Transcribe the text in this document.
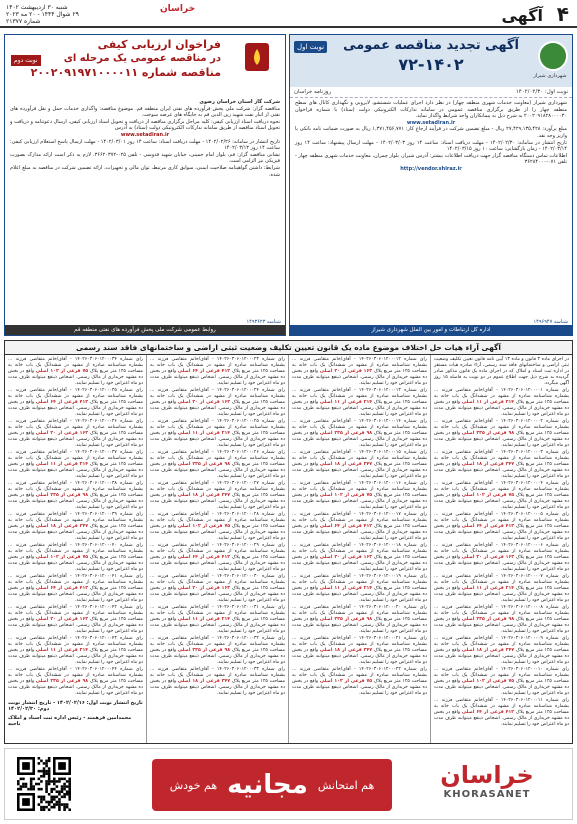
۴
آگهی
خراسان
شنبه ۳۰ اردیبهشت ۱۴۰۲
۲۹ شوال ۱۴۴۴ - ۲۰ مه ۲۰۲۳
شماره ۲۱۳۷۷
شهرداری شیراز
آگهی تجدید مناقصه عمومی
۷۲-۱۴۰۲
نوبت اول
نوبت اول: ۱۴۰۲/۰۲/۳۰
روزنامه خراسان

شهرداری شیراز (معاونت خدمات شهری منطقه چهار) در نظر دارد اجرای عملیات شستشو، لایروبی و نگهداری کانال های سطح منطقه چهار را از طریق برگزاری مناقصه عمومی در سامانه تدارکات الکترونیکی دولت (ستاد) با شماره فراخوان ۲۰۰۲۰۹۱۸۲۸۰۰۰۰۳۰ به شرح ذیل به پیمانکاران واجد شرایط واگذار نماید.

www.setadiran.ir

مبلغ برآورد: ۲۷,۴۲۹,۱۳۵,۴۲۸ ریال - مبلغ تضمین شرکت در فرآیند ارجاع کار: ۱,۳۷۱,۴۵۶,۷۷۱ ریال به صورت ضمانت نامه بانکی یا واریز وجه نقد.

تاریخ انتشار در سامانه: ۱۴۰۲/۰۲/۳۰ - مهلت دریافت اسناد: ساعت ۱۴ روز ۱۴۰۲/۰۳/۰۳ - مهلت ارسال پیشنهاد: ساعت ۱۴ روز ۱۴۰۲/۰۳/۱۴ - زمان بازگشایی: ساعت ۱۰ روز ۱۴۰۲/۰۳/۱۵

اطلاعات تماس دستگاه مناقصه گزار جهت دریافت اطلاعات بیشتر: آدرس شیراز، بلوار چمران، معاونت خدمات شهری منطقه چهار - تلفن ۰۷۱-۳۶۲۸۴۰۰۰

http://vendor.shiraz.ir

شناسه ۱۴۹۶۹۴۷
اداره کل ارتباطات و امور بین الملل شهرداری شیراز
فراخوان ارزیابی کیفی
در مناقصه عمومی یک مرحله ای
مناقصه شماره ۲۰۰۲۰۹۱۹۷۱۰۰۰۰۱۱
نوبت دوم

شرکت گاز استان خراسان رضوی

مناقصه گزار: شرکت ملی پخش فرآورده های نفتی ایران منطقه قم. موضوع مناقصه: واگذاری خدمات حمل و نقل فرآورده های نفتی از انبار نفت شهید زین الدین قم به جایگاه های عرضه سوخت.

نحوه دریافت اسناد ارزیابی کیفی: کلیه مراحل برگزاری مناقصه از دریافت و تحویل اسناد ارزیابی کیفی، ارسال دعوتنامه و دریافت و تحویل اسناد مناقصه از طریق سامانه تدارکات الکترونیکی دولت (ستاد) به آدرس

www.setadiran.ir

تاریخ انتشار در سامانه: ۱۴۰۲/۰۲/۲۶ - مهلت دریافت اسناد: ساعت ۱۴ روز ۱۴۰۲/۰۳/۰۱ - مهلت ارسال پاسخ استعلام ارزیابی کیفی: ساعت ۱۴ روز ۱۴۰۲/۰۳/۱۳

نشانی مناقصه گزار: قم، بلوار امام خمینی، خیابان شهید قدوسی - تلفن ۰۲۵-۳۶۶۲۰۳۷۲. لازم به ذکر است ارائه مدارک بصورت فیزیکی نیز الزامی است.

شرایط: داشتن گواهینامه صلاحیت ایمنی، سوابق کاری مرتبط، توان مالی و تجهیزات، ارائه تضمین شرکت در مناقصه به مبلغ اعلام شده.

شناسه ۱۴۹۳۶۲۳
روابط عمومی شرکت ملی پخش فرآورده های نفتی منطقه قم
آگهی آراء هیات حل اختلاف موضوع ماده یک قانون تعیین تکلیف وضعیت ثبتی اراضی و ساختمانهای فاقد سند رسمی

در اجرای ماده ۳ قانون و ماده ۱۳ آیین نامه قانون تعیین تکلیف وضعیت ثبتی اراضی و ساختمانهای فاقد سند رسمی، آراء صادره هیات مستقر در اداره ثبت اسناد و املاک که در اجرای ماده یک قانون مذکور صادر گردیده به شرح ذیل جهت اطلاع عموم در دو نوبت به فاصله ۱۵ روز آگهی میگردد.

رای شماره ۱۴۰۲۶۰۳۰۶۰۱۲۰۰۰۰۱ - آقای/خانم متقاضی فرزند ... بشماره شناسنامه صادره از مشهد در ششدانگ یک باب خانه به مساحت ۱۲۵ متر مربع پلاک ۲۱۴ فرعی از ۱۱ اصلی واقع در بخش ده مشهد خریداری از مالک رسمی. اشخاص ذینفع میتوانند ظرف مدت دو ماه اعتراض خود را تسلیم نمایند.

رای شماره ۱۴۰۲۶۰۳۰۶۰۱۲۰۰۰۰۲ - آقای/خانم متقاضی فرزند ... بشماره شناسنامه صادره از مشهد در ششدانگ یک باب خانه به مساحت ۱۲۵ متر مربع پلاک ۹۸ فرعی از ۲۳۵ اصلی واقع در بخش ده مشهد خریداری از مالک رسمی. اشخاص ذینفع میتوانند ظرف مدت دو ماه اعتراض خود را تسلیم نمایند.

رای شماره ۱۴۰۲۶۰۳۰۶۰۱۲۰۰۰۰۳ - آقای/خانم متقاضی فرزند ... بشماره شناسنامه صادره از مشهد در ششدانگ یک باب خانه به مساحت ۱۲۵ متر مربع پلاک ۳۴۷ فرعی از ۱۸ اصلی واقع در بخش ده مشهد خریداری از مالک رسمی. اشخاص ذینفع میتوانند ظرف مدت دو ماه اعتراض خود را تسلیم نمایند.

رای شماره ۱۴۰۲۶۰۳۰۶۰۱۲۰۰۰۰۴ - آقای/خانم متقاضی فرزند ... بشماره شناسنامه صادره از مشهد در ششدانگ یک باب خانه به مساحت ۱۲۵ متر مربع پلاک ۷۵ فرعی از ۱۰۲ اصلی واقع در بخش ده مشهد خریداری از مالک رسمی. اشخاص ذینفع میتوانند ظرف مدت دو ماه اعتراض خود را تسلیم نمایند.

رای شماره ۱۴۰۲۶۰۳۰۶۰۱۲۰۰۰۰۵ - آقای/خانم متقاضی فرزند ... بشماره شناسنامه صادره از مشهد در ششدانگ یک باب خانه به مساحت ۱۲۵ متر مربع پلاک ۴۱۲ فرعی از ۶۴ اصلی واقع در بخش ده مشهد خریداری از مالک رسمی. اشخاص ذینفع میتوانند ظرف مدت دو ماه اعتراض خود را تسلیم نمایند.

رای شماره ۱۴۰۲۶۰۳۰۶۰۱۲۰۰۰۰۶ - آقای/خانم متقاضی فرزند ... بشماره شناسنامه صادره از مشهد در ششدانگ یک باب خانه به مساحت ۱۲۵ متر مربع پلاک ۱۶۳ فرعی از ۲۰ اصلی واقع در بخش ده مشهد خریداری از مالک رسمی. اشخاص ذینفع میتوانند ظرف مدت دو ماه اعتراض خود را تسلیم نمایند.

رای شماره ۱۴۰۲۶۰۳۰۶۰۱۲۰۰۰۰۷ - آقای/خانم متقاضی فرزند ... بشماره شناسنامه صادره از مشهد در ششدانگ یک باب خانه به مساحت ۱۲۵ متر مربع پلاک ۲۱۴ فرعی از ۱۱ اصلی واقع در بخش ده مشهد خریداری از مالک رسمی. اشخاص ذینفع میتوانند ظرف مدت دو ماه اعتراض خود را تسلیم نمایند.

رای شماره ۱۴۰۲۶۰۳۰۶۰۱۲۰۰۰۰۸ - آقای/خانم متقاضی فرزند ... بشماره شناسنامه صادره از مشهد در ششدانگ یک باب خانه به مساحت ۱۲۵ متر مربع پلاک ۹۸ فرعی از ۲۳۵ اصلی واقع در بخش ده مشهد خریداری از مالک رسمی. اشخاص ذینفع میتوانند ظرف مدت دو ماه اعتراض خود را تسلیم نمایند.

رای شماره ۱۴۰۲۶۰۳۰۶۰۱۲۰۰۰۰۹ - آقای/خانم متقاضی فرزند ... بشماره شناسنامه صادره از مشهد در ششدانگ یک باب خانه به مساحت ۱۲۵ متر مربع پلاک ۳۴۷ فرعی از ۱۸ اصلی واقع در بخش ده مشهد خریداری از مالک رسمی. اشخاص ذینفع میتوانند ظرف مدت دو ماه اعتراض خود را تسلیم نمایند.

رای شماره ۱۴۰۲۶۰۳۰۶۰۱۲۰۰۰۱۰ - آقای/خانم متقاضی فرزند ... بشماره شناسنامه صادره از مشهد در ششدانگ یک باب خانه به مساحت ۱۲۵ متر مربع پلاک ۷۵ فرعی از ۱۰۲ اصلی واقع در بخش ده مشهد خریداری از مالک رسمی. اشخاص ذینفع میتوانند ظرف مدت دو ماه اعتراض خود را تسلیم نمایند.

رای شماره ۱۴۰۲۶۰۳۰۶۰۱۲۰۰۰۱۱ - آقای/خانم متقاضی فرزند ... بشماره شناسنامه صادره از مشهد در ششدانگ یک باب خانه به مساحت ۱۲۵ متر مربع پلاک ۴۱۲ فرعی از ۶۴ اصلی واقع در بخش ده مشهد خریداری از مالک رسمی. اشخاص ذینفع میتوانند ظرف مدت دو ماه اعتراض خود را تسلیم نمایند.

رای شماره ۱۴۰۲۶۰۳۰۶۰۱۲۰۰۰۱۲ - آقای/خانم متقاضی فرزند ... بشماره شناسنامه صادره از مشهد در ششدانگ یک باب خانه به مساحت ۱۲۵ متر مربع پلاک ۱۶۳ فرعی از ۲۰ اصلی واقع در بخش ده مشهد خریداری از مالک رسمی. اشخاص ذینفع میتوانند ظرف مدت دو ماه اعتراض خود را تسلیم نمایند.

رای شماره ۱۴۰۲۶۰۳۰۶۰۱۲۰۰۰۱۳ - آقای/خانم متقاضی فرزند ... بشماره شناسنامه صادره از مشهد در ششدانگ یک باب خانه به مساحت ۱۲۵ متر مربع پلاک ۲۱۴ فرعی از ۱۱ اصلی واقع در بخش ده مشهد خریداری از مالک رسمی. اشخاص ذینفع میتوانند ظرف مدت دو ماه اعتراض خود را تسلیم نمایند.

رای شماره ۱۴۰۲۶۰۳۰۶۰۱۲۰۰۰۱۴ - آقای/خانم متقاضی فرزند ... بشماره شناسنامه صادره از مشهد در ششدانگ یک باب خانه به مساحت ۱۲۵ متر مربع پلاک ۹۸ فرعی از ۲۳۵ اصلی واقع در بخش ده مشهد خریداری از مالک رسمی. اشخاص ذینفع میتوانند ظرف مدت دو ماه اعتراض خود را تسلیم نمایند.

رای شماره ۱۴۰۲۶۰۳۰۶۰۱۲۰۰۰۱۵ - آقای/خانم متقاضی فرزند ... بشماره شناسنامه صادره از مشهد در ششدانگ یک باب خانه به مساحت ۱۲۵ متر مربع پلاک ۳۴۷ فرعی از ۱۸ اصلی واقع در بخش ده مشهد خریداری از مالک رسمی. اشخاص ذینفع میتوانند ظرف مدت دو ماه اعتراض خود را تسلیم نمایند.

رای شماره ۱۴۰۲۶۰۳۰۶۰۱۲۰۰۰۱۶ - آقای/خانم متقاضی فرزند ... بشماره شناسنامه صادره از مشهد در ششدانگ یک باب خانه به مساحت ۱۲۵ متر مربع پلاک ۷۵ فرعی از ۱۰۲ اصلی واقع در بخش ده مشهد خریداری از مالک رسمی. اشخاص ذینفع میتوانند ظرف مدت دو ماه اعتراض خود را تسلیم نمایند.

رای شماره ۱۴۰۲۶۰۳۰۶۰۱۲۰۰۰۱۷ - آقای/خانم متقاضی فرزند ... بشماره شناسنامه صادره از مشهد در ششدانگ یک باب خانه به مساحت ۱۲۵ متر مربع پلاک ۴۱۲ فرعی از ۶۴ اصلی واقع در بخش ده مشهد خریداری از مالک رسمی. اشخاص ذینفع میتوانند ظرف مدت دو ماه اعتراض خود را تسلیم نمایند.

رای شماره ۱۴۰۲۶۰۳۰۶۰۱۲۰۰۰۱۸ - آقای/خانم متقاضی فرزند ... بشماره شناسنامه صادره از مشهد در ششدانگ یک باب خانه به مساحت ۱۲۵ متر مربع پلاک ۱۶۳ فرعی از ۲۰ اصلی واقع در بخش ده مشهد خریداری از مالک رسمی. اشخاص ذینفع میتوانند ظرف مدت دو ماه اعتراض خود را تسلیم نمایند.

رای شماره ۱۴۰۲۶۰۳۰۶۰۱۲۰۰۰۱۹ - آقای/خانم متقاضی فرزند ... بشماره شناسنامه صادره از مشهد در ششدانگ یک باب خانه به مساحت ۱۲۵ متر مربع پلاک ۲۱۴ فرعی از ۱۱ اصلی واقع در بخش ده مشهد خریداری از مالک رسمی. اشخاص ذینفع میتوانند ظرف مدت دو ماه اعتراض خود را تسلیم نمایند.

رای شماره ۱۴۰۲۶۰۳۰۶۰۱۲۰۰۰۲۰ - آقای/خانم متقاضی فرزند ... بشماره شناسنامه صادره از مشهد در ششدانگ یک باب خانه به مساحت ۱۲۵ متر مربع پلاک ۹۸ فرعی از ۲۳۵ اصلی واقع در بخش ده مشهد خریداری از مالک رسمی. اشخاص ذینفع میتوانند ظرف مدت دو ماه اعتراض خود را تسلیم نمایند.

رای شماره ۱۴۰۲۶۰۳۰۶۰۱۲۰۰۰۲۱ - آقای/خانم متقاضی فرزند ... بشماره شناسنامه صادره از مشهد در ششدانگ یک باب خانه به مساحت ۱۲۵ متر مربع پلاک ۳۴۷ فرعی از ۱۸ اصلی واقع در بخش ده مشهد خریداری از مالک رسمی. اشخاص ذینفع میتوانند ظرف مدت دو ماه اعتراض خود را تسلیم نمایند.

رای شماره ۱۴۰۲۶۰۳۰۶۰۱۲۰۰۰۲۲ - آقای/خانم متقاضی فرزند ... بشماره شناسنامه صادره از مشهد در ششدانگ یک باب خانه به مساحت ۱۲۵ متر مربع پلاک ۷۵ فرعی از ۱۰۲ اصلی واقع در بخش ده مشهد خریداری از مالک رسمی. اشخاص ذینفع میتوانند ظرف مدت دو ماه اعتراض خود را تسلیم نمایند.

رای شماره ۱۴۰۲۶۰۳۰۶۰۱۲۰۰۰۲۳ - آقای/خانم متقاضی فرزند ... بشماره شناسنامه صادره از مشهد در ششدانگ یک باب خانه به مساحت ۱۲۵ متر مربع پلاک ۴۱۲ فرعی از ۶۴ اصلی واقع در بخش ده مشهد خریداری از مالک رسمی. اشخاص ذینفع میتوانند ظرف مدت دو ماه اعتراض خود را تسلیم نمایند.

رای شماره ۱۴۰۲۶۰۳۰۶۰۱۲۰۰۰۲۴ - آقای/خانم متقاضی فرزند ... بشماره شناسنامه صادره از مشهد در ششدانگ یک باب خانه به مساحت ۱۲۵ متر مربع پلاک ۱۶۳ فرعی از ۲۰ اصلی واقع در بخش ده مشهد خریداری از مالک رسمی. اشخاص ذینفع میتوانند ظرف مدت دو ماه اعتراض خود را تسلیم نمایند.

رای شماره ۱۴۰۲۶۰۳۰۶۰۱۲۰۰۰۲۵ - آقای/خانم متقاضی فرزند ... بشماره شناسنامه صادره از مشهد در ششدانگ یک باب خانه به مساحت ۱۲۵ متر مربع پلاک ۲۱۴ فرعی از ۱۱ اصلی واقع در بخش ده مشهد خریداری از مالک رسمی. اشخاص ذینفع میتوانند ظرف مدت دو ماه اعتراض خود را تسلیم نمایند.

رای شماره ۱۴۰۲۶۰۳۰۶۰۱۲۰۰۰۲۶ - آقای/خانم متقاضی فرزند ... بشماره شناسنامه صادره از مشهد در ششدانگ یک باب خانه به مساحت ۱۲۵ متر مربع پلاک ۹۸ فرعی از ۲۳۵ اصلی واقع در بخش ده مشهد خریداری از مالک رسمی. اشخاص ذینفع میتوانند ظرف مدت دو ماه اعتراض خود را تسلیم نمایند.

رای شماره ۱۴۰۲۶۰۳۰۶۰۱۲۰۰۰۲۷ - آقای/خانم متقاضی فرزند ... بشماره شناسنامه صادره از مشهد در ششدانگ یک باب خانه به مساحت ۱۲۵ متر مربع پلاک ۳۴۷ فرعی از ۱۸ اصلی واقع در بخش ده مشهد خریداری از مالک رسمی. اشخاص ذینفع میتوانند ظرف مدت دو ماه اعتراض خود را تسلیم نمایند.

رای شماره ۱۴۰۲۶۰۳۰۶۰۱۲۰۰۰۲۸ - آقای/خانم متقاضی فرزند ... بشماره شناسنامه صادره از مشهد در ششدانگ یک باب خانه به مساحت ۱۲۵ متر مربع پلاک ۷۵ فرعی از ۱۰۲ اصلی واقع در بخش ده مشهد خریداری از مالک رسمی. اشخاص ذینفع میتوانند ظرف مدت دو ماه اعتراض خود را تسلیم نمایند.

رای شماره ۱۴۰۲۶۰۳۰۶۰۱۲۰۰۰۲۹ - آقای/خانم متقاضی فرزند ... بشماره شناسنامه صادره از مشهد در ششدانگ یک باب خانه به مساحت ۱۲۵ متر مربع پلاک ۴۱۲ فرعی از ۶۴ اصلی واقع در بخش ده مشهد خریداری از مالک رسمی. اشخاص ذینفع میتوانند ظرف مدت دو ماه اعتراض خود را تسلیم نمایند.

رای شماره ۱۴۰۲۶۰۳۰۶۰۱۲۰۰۰۳۰ - آقای/خانم متقاضی فرزند ... بشماره شناسنامه صادره از مشهد در ششدانگ یک باب خانه به مساحت ۱۲۵ متر مربع پلاک ۱۶۳ فرعی از ۲۰ اصلی واقع در بخش ده مشهد خریداری از مالک رسمی. اشخاص ذینفع میتوانند ظرف مدت دو ماه اعتراض خود را تسلیم نمایند.

رای شماره ۱۴۰۲۶۰۳۰۶۰۱۲۰۰۰۳۱ - آقای/خانم متقاضی فرزند ... بشماره شناسنامه صادره از مشهد در ششدانگ یک باب خانه به مساحت ۱۲۵ متر مربع پلاک ۲۱۴ فرعی از ۱۱ اصلی واقع در بخش ده مشهد خریداری از مالک رسمی. اشخاص ذینفع میتوانند ظرف مدت دو ماه اعتراض خود را تسلیم نمایند.

رای شماره ۱۴۰۲۶۰۳۰۶۰۱۲۰۰۰۳۲ - آقای/خانم متقاضی فرزند ... بشماره شناسنامه صادره از مشهد در ششدانگ یک باب خانه به مساحت ۱۲۵ متر مربع پلاک ۹۸ فرعی از ۲۳۵ اصلی واقع در بخش ده مشهد خریداری از مالک رسمی. اشخاص ذینفع میتوانند ظرف مدت دو ماه اعتراض خود را تسلیم نمایند.

رای شماره ۱۴۰۲۶۰۳۰۶۰۱۲۰۰۰۳۳ - آقای/خانم متقاضی فرزند ... بشماره شناسنامه صادره از مشهد در ششدانگ یک باب خانه به مساحت ۱۲۵ متر مربع پلاک ۳۴۷ فرعی از ۱۸ اصلی واقع در بخش ده مشهد خریداری از مالک رسمی. اشخاص ذینفع میتوانند ظرف مدت دو ماه اعتراض خود را تسلیم نمایند.

رای شماره ۱۴۰۲۶۰۳۰۶۰۱۲۰۰۰۳۴ - آقای/خانم متقاضی فرزند ... بشماره شناسنامه صادره از مشهد در ششدانگ یک باب خانه به مساحت ۱۲۵ متر مربع پلاک ۷۵ فرعی از ۱۰۲ اصلی واقع در بخش ده مشهد خریداری از مالک رسمی. اشخاص ذینفع میتوانند ظرف مدت دو ماه اعتراض خود را تسلیم نمایند.

رای شماره ۱۴۰۲۶۰۳۰۶۰۱۲۰۰۰۳۵ - آقای/خانم متقاضی فرزند ... بشماره شناسنامه صادره از مشهد در ششدانگ یک باب خانه به مساحت ۱۲۵ متر مربع پلاک ۴۱۲ فرعی از ۶۴ اصلی واقع در بخش ده مشهد خریداری از مالک رسمی. اشخاص ذینفع میتوانند ظرف مدت دو ماه اعتراض خود را تسلیم نمایند.

رای شماره ۱۴۰۲۶۰۳۰۶۰۱۲۰۰۰۳۶ - آقای/خانم متقاضی فرزند ... بشماره شناسنامه صادره از مشهد در ششدانگ یک باب خانه به مساحت ۱۲۵ متر مربع پلاک ۱۶۳ فرعی از ۲۰ اصلی واقع در بخش ده مشهد خریداری از مالک رسمی. اشخاص ذینفع میتوانند ظرف مدت دو ماه اعتراض خود را تسلیم نمایند.

رای شماره ۱۴۰۲۶۰۳۰۶۰۱۲۰۰۰۳۷ - آقای/خانم متقاضی فرزند ... بشماره شناسنامه صادره از مشهد در ششدانگ یک باب خانه به مساحت ۱۲۵ متر مربع پلاک ۲۱۴ فرعی از ۱۱ اصلی واقع در بخش ده مشهد خریداری از مالک رسمی. اشخاص ذینفع میتوانند ظرف مدت دو ماه اعتراض خود را تسلیم نمایند.

رای شماره ۱۴۰۲۶۰۳۰۶۰۱۲۰۰۰۳۸ - آقای/خانم متقاضی فرزند ... بشماره شناسنامه صادره از مشهد در ششدانگ یک باب خانه به مساحت ۱۲۵ متر مربع پلاک ۹۸ فرعی از ۲۳۵ اصلی واقع در بخش ده مشهد خریداری از مالک رسمی. اشخاص ذینفع میتوانند ظرف مدت دو ماه اعتراض خود را تسلیم نمایند.

رای شماره ۱۴۰۲۶۰۳۰۶۰۱۲۰۰۰۳۹ - آقای/خانم متقاضی فرزند ... بشماره شناسنامه صادره از مشهد در ششدانگ یک باب خانه به مساحت ۱۲۵ متر مربع پلاک ۳۴۷ فرعی از ۱۸ اصلی واقع در بخش ده مشهد خریداری از مالک رسمی. اشخاص ذینفع میتوانند ظرف مدت دو ماه اعتراض خود را تسلیم نمایند.

رای شماره ۱۴۰۲۶۰۳۰۶۰۱۲۰۰۰۴۰ - آقای/خانم متقاضی فرزند ... بشماره شناسنامه صادره از مشهد در ششدانگ یک باب خانه به مساحت ۱۲۵ متر مربع پلاک ۷۵ فرعی از ۱۰۲ اصلی واقع در بخش ده مشهد خریداری از مالک رسمی. اشخاص ذینفع میتوانند ظرف مدت دو ماه اعتراض خود را تسلیم نمایند.

رای شماره ۱۴۰۲۶۰۳۰۶۰۱۲۰۰۰۴۱ - آقای/خانم متقاضی فرزند ... بشماره شناسنامه صادره از مشهد در ششدانگ یک باب خانه به مساحت ۱۲۵ متر مربع پلاک ۴۱۲ فرعی از ۶۴ اصلی واقع در بخش ده مشهد خریداری از مالک رسمی. اشخاص ذینفع میتوانند ظرف مدت دو ماه اعتراض خود را تسلیم نمایند.

رای شماره ۱۴۰۲۶۰۳۰۶۰۱۲۰۰۰۴۲ - آقای/خانم متقاضی فرزند ... بشماره شناسنامه صادره از مشهد در ششدانگ یک باب خانه به مساحت ۱۲۵ متر مربع پلاک ۱۶۳ فرعی از ۲۰ اصلی واقع در بخش ده مشهد خریداری از مالک رسمی. اشخاص ذینفع میتوانند ظرف مدت دو ماه اعتراض خود را تسلیم نمایند.

رای شماره ۱۴۰۲۶۰۳۰۶۰۱۲۰۰۰۴۳ - آقای/خانم متقاضی فرزند ... بشماره شناسنامه صادره از مشهد در ششدانگ یک باب خانه به مساحت ۱۲۵ متر مربع پلاک ۲۱۴ فرعی از ۱۱ اصلی واقع در بخش ده مشهد خریداری از مالک رسمی. اشخاص ذینفع میتوانند ظرف مدت دو ماه اعتراض خود را تسلیم نمایند.

رای شماره ۱۴۰۲۶۰۳۰۶۰۱۲۰۰۰۴۴ - آقای/خانم متقاضی فرزند ... بشماره شناسنامه صادره از مشهد در ششدانگ یک باب خانه به مساحت ۱۲۵ متر مربع پلاک ۹۸ فرعی از ۲۳۵ اصلی واقع در بخش ده مشهد خریداری از مالک رسمی. اشخاص ذینفع میتوانند ظرف مدت دو ماه اعتراض خود را تسلیم نمایند.

تاریخ انتشار نوبت اول: ۱۴۰۲/۰۲/۱۶ - تاریخ انتشار نوبت دوم: ۱۴۰۲/۰۲/۳۰

محمدامین فرهمند - رئیس اداره ثبت اسناد و املاک ناحیه

خراسان
KHORASANET
هم امتحانش
مجانیه
هم خودش
